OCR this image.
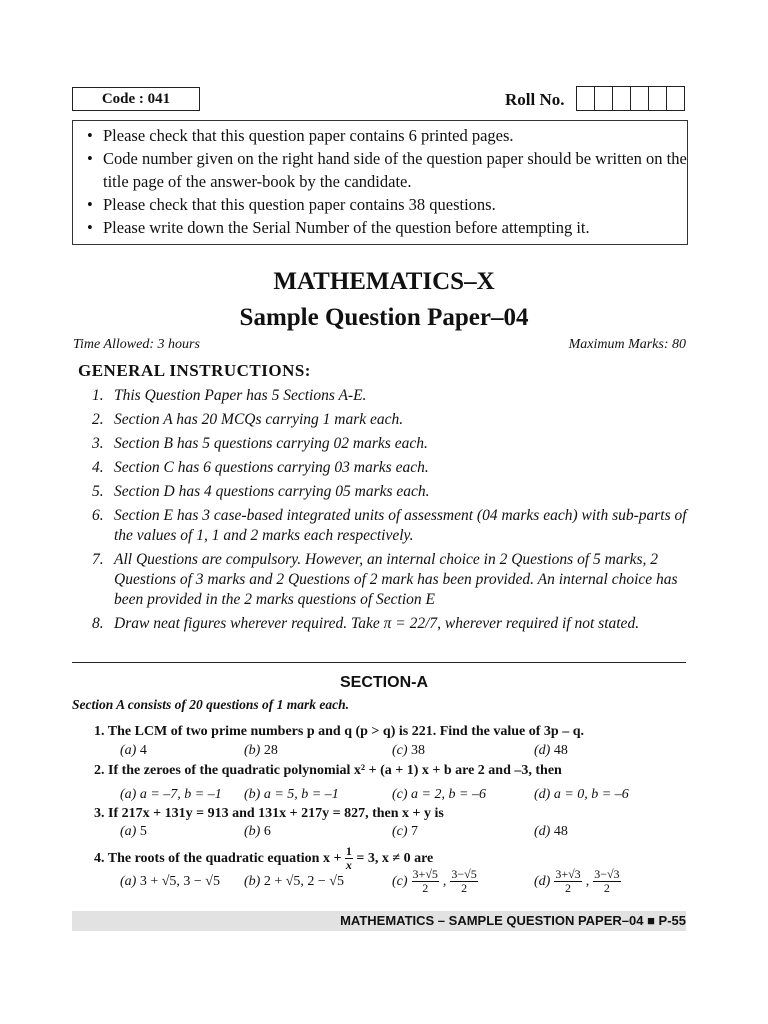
Code : 041	Roll No.
• Please check that this question paper contains 6 printed pages.
• Code number given on the right hand side of the question paper should be written on the title page of the answer-book by the candidate.
• Please check that this question paper contains 38 questions.
• Please write down the Serial Number of the question before attempting it.
MATHEMATICS–X
Sample Question Paper–04
Time Allowed: 3 hours	Maximum Marks: 80
GENERAL INSTRUCTIONS:
1. This Question Paper has 5 Sections A-E.
2. Section A has 20 MCQs carrying 1 mark each.
3. Section B has 5 questions carrying 02 marks each.
4. Section C has 6 questions carrying 03 marks each.
5. Section D has 4 questions carrying 05 marks each.
6. Section E has 3 case-based integrated units of assessment (04 marks each) with sub-parts of the values of 1, 1 and 2 marks each respectively.
7. All Questions are compulsory. However, an internal choice in 2 Questions of 5 marks, 2 Questions of 3 marks and 2 Questions of 2 mark has been provided. An internal choice has been provided in the 2 marks questions of Section E
8. Draw neat figures wherever required. Take π = 22/7, wherever required if not stated.
SECTION-A
Section A consists of 20 questions of 1 mark each.
1. The LCM of two prime numbers p and q (p > q) is 221. Find the value of 3p – q.
(a) 4	(b) 28	(c) 38	(d) 48
2. If the zeroes of the quadratic polynomial x² + (a + 1) x + b are 2 and –3, then
(a) a = –7, b = –1 (b) a = 5, b = –1	(c) a = 2, b = –6	(d) a = 0, b = –6
3. If 217x + 131y = 913 and 131x + 217y = 827, then x + y is
(a) 5	(b) 6	(c) 7	(d) 48
4. The roots of the quadratic equation $x + \frac{1}{x} = 3$, x ≠ 0 are
(a) 3 + √5, 3 − √5 (b) 2 + √5, 2 − √5	$(c) \frac{3+√5}{2}$ , $\frac{3-√5}{2}$	$(d) \frac{3+√3}{2}$ , $\frac{3-√3}{2}$
MATHEMATICS – SAMPLE QUESTION PAPER–04 ■ P-55
